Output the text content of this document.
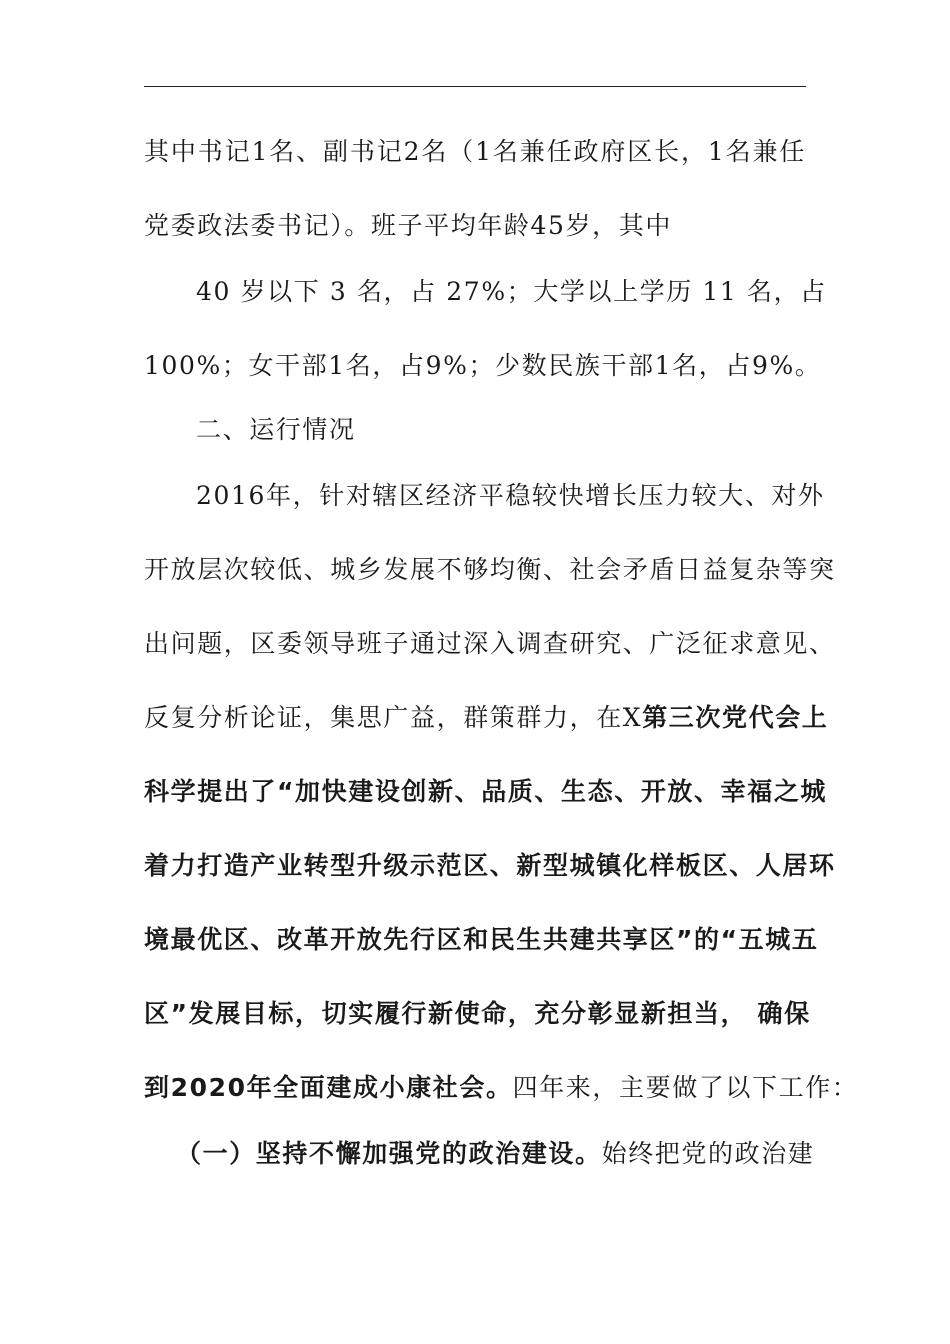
其中书记1名、副书记2名（1名兼任政府区长，1名兼任
党委政法委书记）。班子平均年龄45岁，其中
40 岁以下 3 名，占 27%；大学以上学历 11 名，占
100%；女干部1名，占9%；少数民族干部1名，占9%。
二、运行情况
2016年，针对辖区经济平稳较快增长压力较大、对外
开放层次较低、城乡发展不够均衡、社会矛盾日益复杂等突
出问题，区委领导班子通过深入调查研究、广泛征求意见、
反复分析论证，集思广益，群策群力，在X第三次党代会上
科学提出了“加快建设创新、品质、生态、开放、幸福之城
着力打造产业转型升级示范区、新型城镇化样板区、人居环
境最优区、改革开放先行区和民生共建共享区”的“五城五
区”发展目标，切实履行新使命，充分彰显新担当， 确保
到2020年全面建成小康社会。四年来，主要做了以下工作：
（一）坚持不懈加强党的政治建设。始终把党的政治建
